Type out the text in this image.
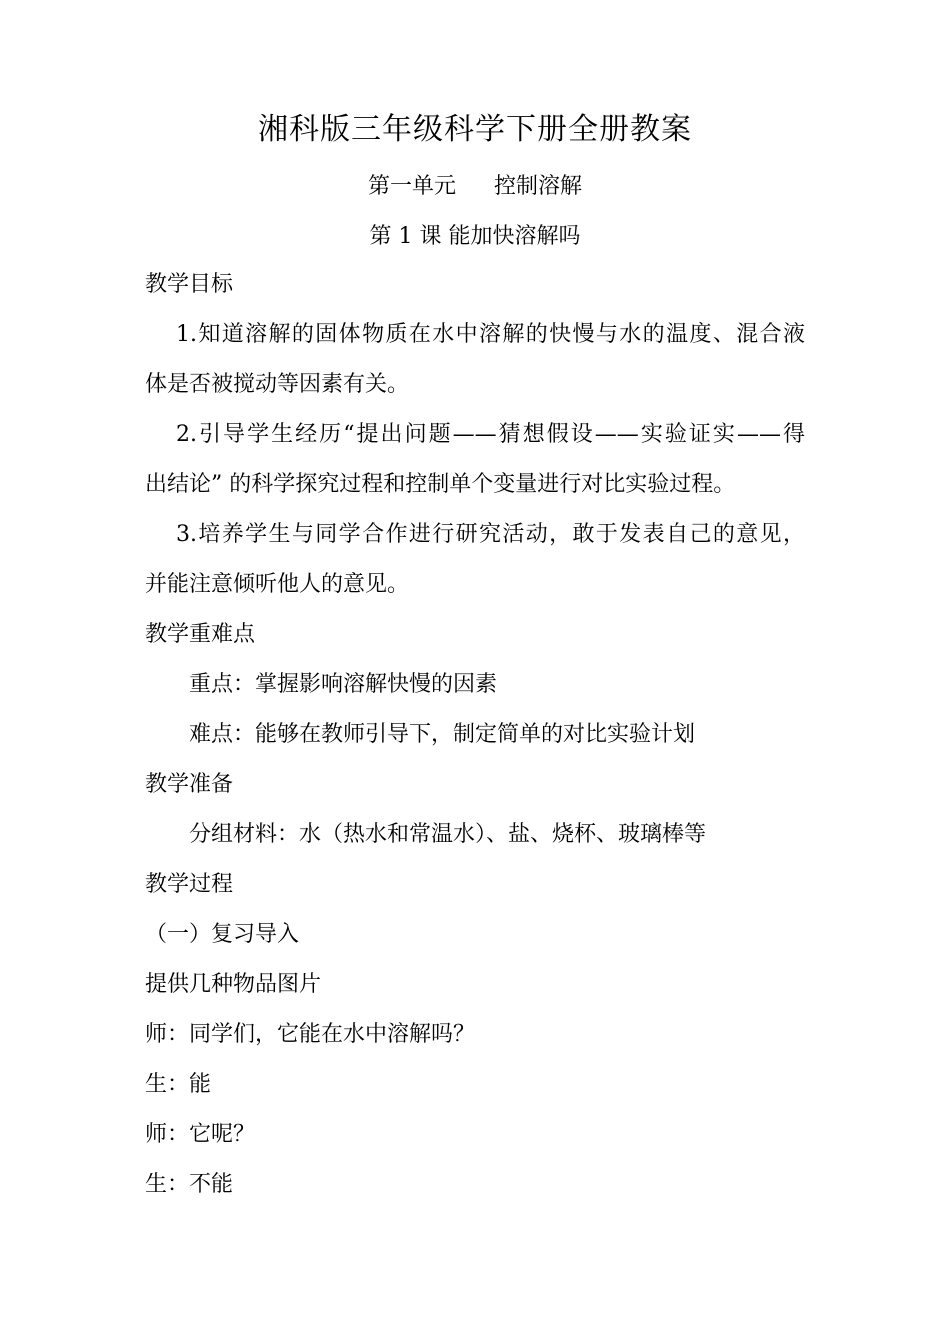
湘科版三年级科学下册全册教案
第一单元 控制溶解
第 1 课 能加快溶解吗
教学目标
1.知道溶解的固体物质在水中溶解的快慢与水的温度、混合液
体是否被搅动等因素有关。
2.引导学生经历“提出问题——猜想假设——实验证实——得
出结论” 的科学探究过程和控制单个变量进行对比实验过程。
3.培养学生与同学合作进行研究活动，敢于发表自己的意见，
并能注意倾听他人的意见。
教学重难点
重点：掌握影响溶解快慢的因素
难点：能够在教师引导下，制定简单的对比实验计划
教学准备
分组材料：水（热水和常温水）、盐、烧杯、玻璃棒等
教学过程
（一）复习导入
提供几种物品图片
师：同学们，它能在水中溶解吗？
生：能
师：它呢？
生：不能
